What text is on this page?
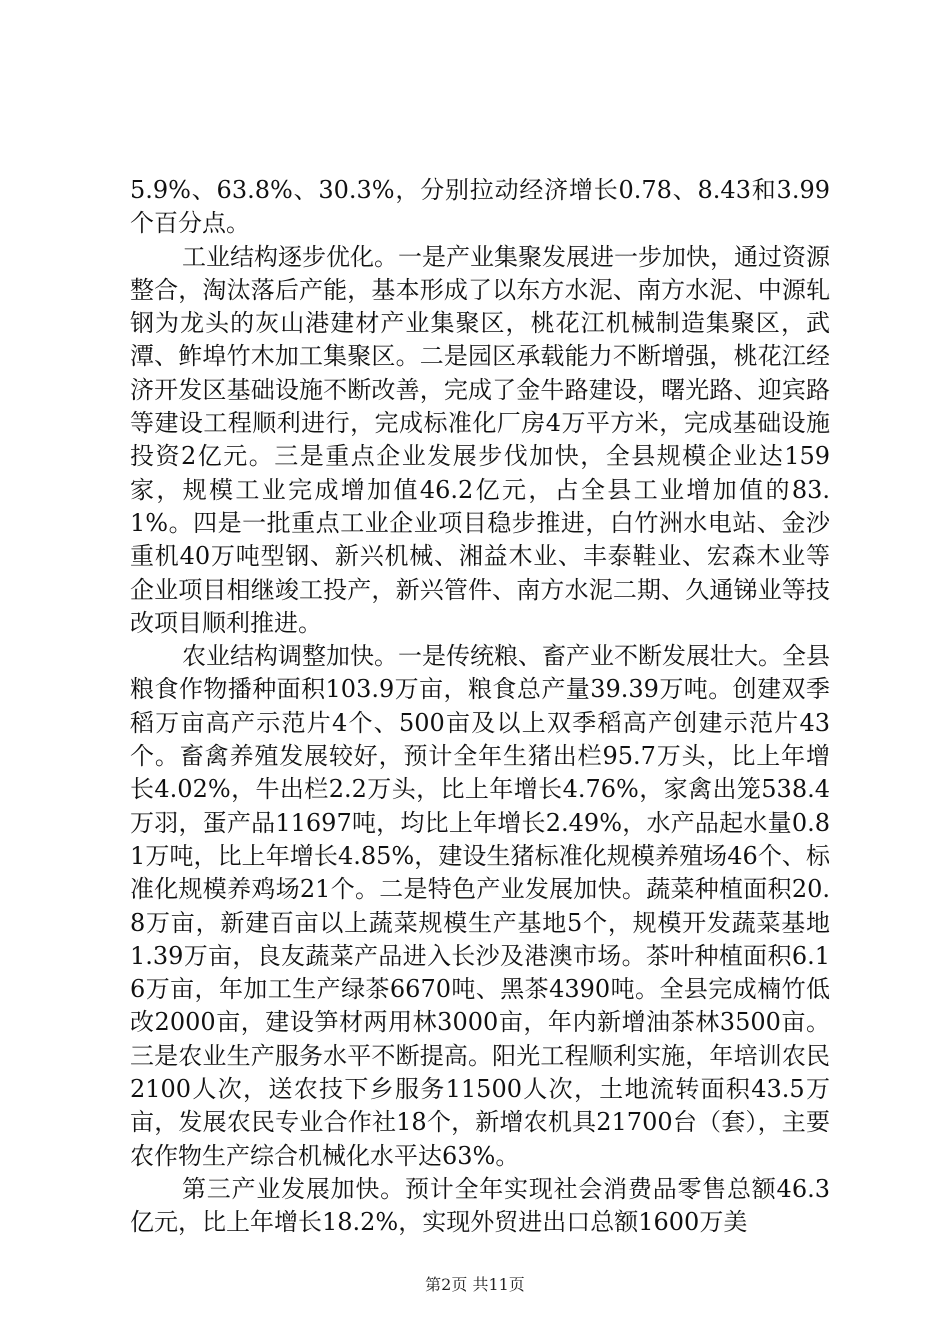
5.9%、63.8%、30.3%，分别拉动经济增长0.78、8.43和3.99个百分点。

工业结构逐步优化。一是产业集聚发展进一步加快，通过资源整合，淘汰落后产能，基本形成了以东方水泥、南方水泥、中源轧钢为龙头的灰山港建材产业集聚区，桃花江机械制造集聚区，武潭、鲊埠竹木加工集聚区。二是园区承载能力不断增强，桃花江经济开发区基础设施不断改善，完成了金牛路建设，曙光路、迎宾路等建设工程顺利进行，完成标准化厂房4万平方米，完成基础设施投资2亿元。三是重点企业发展步伐加快，全县规模企业达159家，规模工业完成增加值46.2亿元，占全县工业增加值的83.1%。四是一批重点工业企业项目稳步推进，白竹洲水电站、金沙重机40万吨型钢、新兴机械、湘益木业、丰泰鞋业、宏森木业等企业项目相继竣工投产，新兴管件、南方水泥二期、久通锑业等技改项目顺利推进。

农业结构调整加快。一是传统粮、畜产业不断发展壮大。全县粮食作物播种面积103.9万亩，粮食总产量39.39万吨。创建双季稻万亩高产示范片4个、500亩及以上双季稻高产创建示范片43个。畜禽养殖发展较好，预计全年生猪出栏95.7万头，比上年增长4.02%，牛出栏2.2万头，比上年增长4.76%，家禽出笼538.4万羽，蛋产品11697吨，均比上年增长2.49%，水产品起水量0.81万吨，比上年增长4.85%，建设生猪标准化规模养殖场46个、标准化规模养鸡场21个。二是特色产业发展加快。蔬菜种植面积20.8万亩，新建百亩以上蔬菜规模生产基地5个，规模开发蔬菜基地1.39万亩，良友蔬菜产品进入长沙及港澳市场。茶叶种植面积6.16万亩，年加工生产绿茶6670吨、黑茶4390吨。全县完成楠竹低改2000亩，建设笋材两用林3000亩，年内新增油茶林3500亩。三是农业生产服务水平不断提高。阳光工程顺利实施，年培训农民2100人次，送农技下乡服务11500人次，土地流转面积43.5万亩，发展农民专业合作社18个，新增农机具21700台（套），主要农作物生产综合机械化水平达63%。

第三产业发展加快。预计全年实现社会消费品零售总额46.3亿元，比上年增长18.2%，实现外贸进出口总额1600万美

第2页 共11页
